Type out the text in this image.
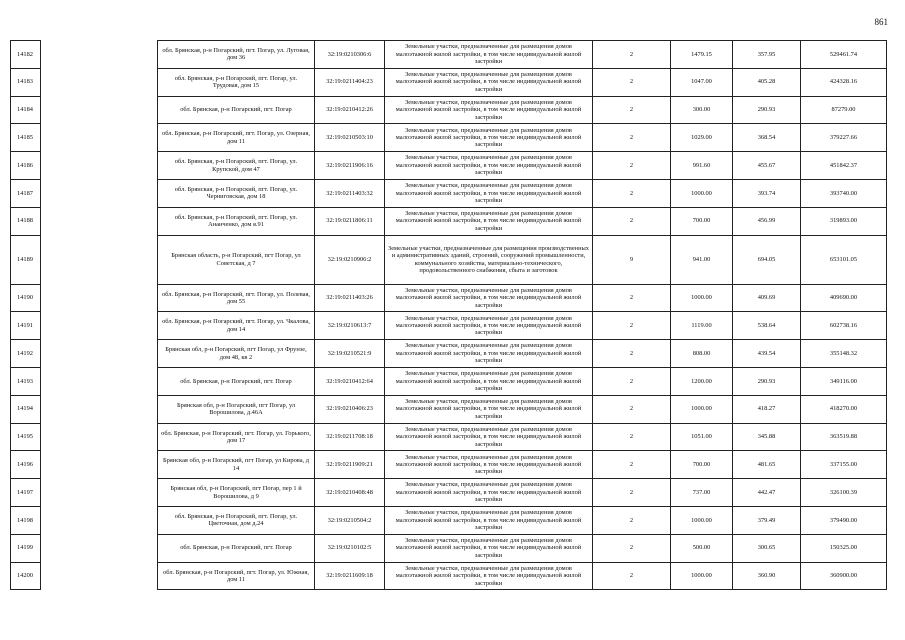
861
14182		обл. Брянская, р-н Погарский, пгт. Погар, ул. Луговая, дом 36	32:19:0210306:6	Земельные участки, предназначенные для размещения домов малоэтажной жилой застройки, в том числе индивидуальной жилой застройки	2	1479.15	357.95	529461.74
14183		обл. Брянская, р-н Погарский, пгт. Погар, ул. Трудовая, дом 15	32:19:0211404:23	Земельные участки, предназначенные для размещения домов малоэтажной жилой застройки, в том числе индивидуальной жилой застройки	2	1047.00	405.28	424328.16
14184		обл. Брянская, р-н Погарский, пгт. Погар	32:19:0210412:26	Земельные участки, предназначенные для размещения домов малоэтажной жилой застройки, в том числе индивидуальной жилой застройки	2	300.00	290.93	87279.00
14185		обл. Брянская, р-н Погарский, пгт. Погар, ул. Озерная, дом 11	32:19:0210503:10	Земельные участки, предназначенные для размещения домов малоэтажной жилой застройки, в том числе индивидуальной жилой застройки	2	1029.00	368.54	379227.66
14186		обл. Брянская, р-н Погарский, пгт. Погар, ул. Крупской, дом 47	32:19:0211906:16	Земельные участки, предназначенные для размещения домов малоэтажной жилой застройки, в том числе индивидуальной жилой застройки	2	991.60	455.67	451842.37
14187		обл. Брянская, р-н Погарский, пгт. Погар, ул. Черниговская, дом 18	32:19:0211403:32	Земельные участки, предназначенные для размещения домов малоэтажной жилой застройки, в том числе индивидуальной жилой застройки	2	1000.00	393.74	393740.00
14188		обл. Брянская, р-н Погарский, пгт. Погар, ул. Ананченко, дом я.91	32:19:0211806:11	Земельные участки, предназначенные для размещения домов малоэтажной жилой застройки, в том числе индивидуальной жилой застройки	2	700.00	456.99	319893.00
14189		Брянская область, р-н Погарский, пгт Погар, ул Советская, д 7	32:19:0210906:2	Земельные участки, предназначенные для размещения производственных и административных зданий, строений, сооружений промышленности, коммунального хозяйства, материально-технического, продовольственного снабжения, сбыта и заготовок	9	941.00	694.05	653101.05
14190		обл. Брянская, р-н Погарский, пгт. Погар, ул. Полевая, дом 55	32:19:0211403:26	Земельные участки, предназначенные для размещения домов малоэтажной жилой застройки, в том числе индивидуальной жилой застройки	2	1000.00	409.69	409690.00
14191		обл. Брянская, р-н Погарский, пгт. Погар, ул. Чкалова, дом 14	32:19:0210613:7	Земельные участки, предназначенные для размещения домов малоэтажной жилой застройки, в том числе индивидуальной жилой застройки	2	1119.00	538.64	602738.16
14192		Брянская обл, р-н Погарский, пгт Погар, ул Фрунзе, дом 48, кв 2	32:19:0210521:9	Земельные участки, предназначенные для размещения домов малоэтажной жилой застройки, в том числе индивидуальной жилой застройки	2	808.00	439.54	355148.32
14193		обл. Брянская, р-н Погарский, пгт. Погар	32:19:0210412:64	Земельные участки, предназначенные для размещения домов малоэтажной жилой застройки, в том числе индивидуальной жилой застройки	2	1200.00	290.93	349116.00
14194		Брянская обл, р-н Погарский, пгт Погар, ул Ворошилова, д.46А	32:19:0210406:23	Земельные участки, предназначенные для размещения домов малоэтажной жилой застройки, в том числе индивидуальной жилой застройки	2	1000.00	418.27	418270.00
14195		обл. Брянская, р-н Погарский, пгт. Погар, ул. Горького, дом 17	32:19:0211708:18	Земельные участки, предназначенные для размещения домов малоэтажной жилой застройки, в том числе индивидуальной жилой застройки	2	1051.00	345.88	363519.88
14196		Брянская обл, р-н Погарский, пгт Погар, ул Кирова, д 14	32:19:0211909:21	Земельные участки, предназначенные для размещения домов малоэтажной жилой застройки, в том числе индивидуальной жилой застройки	2	700.00	481.65	337155.00
14197		Брянская обл, р-н Погарский, пгт Погар, пер 1 й Ворошилова, д 9	32:19:0210408:48	Земельные участки, предназначенные для размещения домов малоэтажной жилой застройки, в том числе индивидуальной жилой застройки	2	737.00	442.47	326100.39
14198		обл. Брянская, р-н Погарский, пгт. Погар, ул. Цветочная, дом д.24	32:19:0210504:2	Земельные участки, предназначенные для размещения домов малоэтажной жилой застройки, в том числе индивидуальной жилой застройки	2	1000.00	379.49	379490.00
14199		обл. Брянская, р-н Погарский, пгт. Погар	32:19:0210102:5	Земельные участки, предназначенные для размещения домов малоэтажной жилой застройки, в том числе индивидуальной жилой застройки	2	500.00	300.65	150325.00
14200		обл. Брянская, р-н Погарский, пгт. Погар, ул. Южная, дом 11	32:19:0211609:18	Земельные участки, предназначенные для размещения домов малоэтажной жилой застройки, в том числе индивидуальной жилой застройки	2	1000.00	360.90	360900.00
